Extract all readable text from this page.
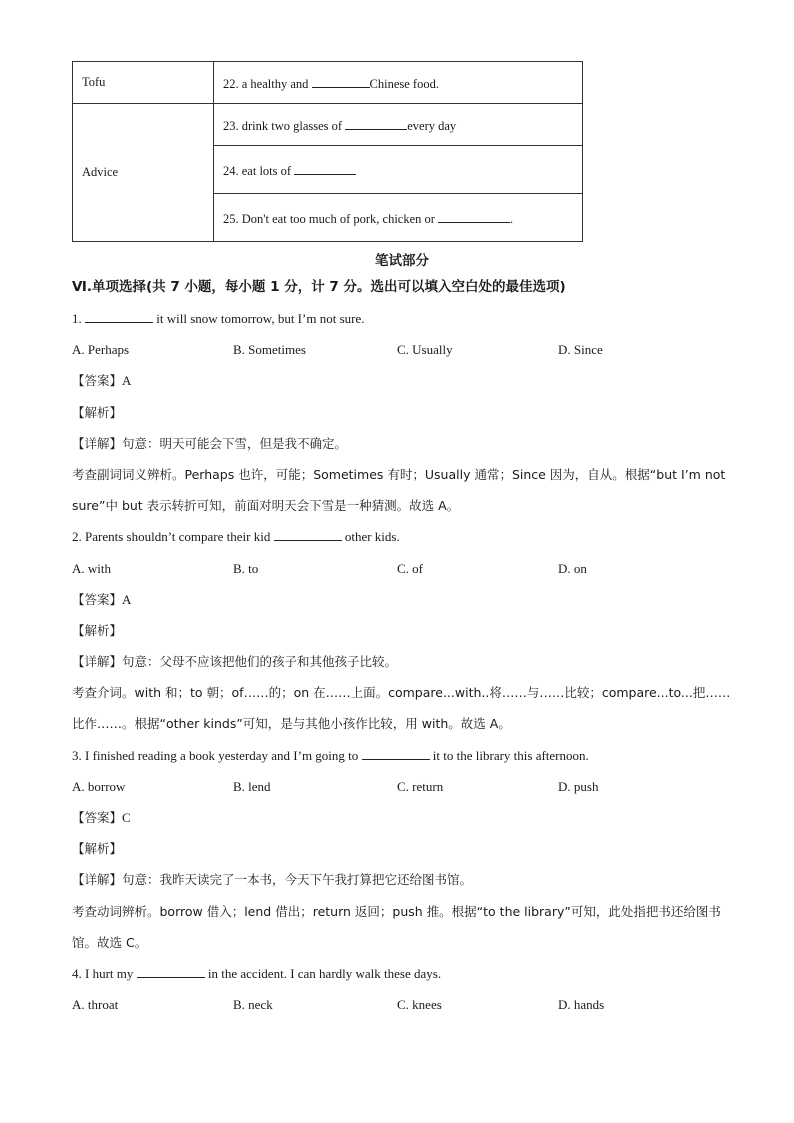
Tofu	22. a healthy and Chinese food.
Advice	23. drink two glasses of every day
	24. eat lots of
	25. Don't eat too much of pork, chicken or .
笔试部分
Ⅵ.单项选择(共 7 小题，每小题 1 分，计 7 分。选出可以填入空白处的最佳选项)
1.	it will snow tomorrow, but I’m not sure.
A. Perhaps	B. Sometimes	C. Usually	D. Since
【答案】A
【解析】
【详解】句意：明天可能会下雪，但是我不确定。
考查副词词义辨析。Perhaps 也许，可能；Sometimes 有时；Usually 通常；Since 因为，自从。根据“but I’m not sure”中 but 表示转折可知，前面对明天会下雪是一种猜测。故选 A。
2. Parents shouldn’t compare their kid	other kids.
A. with	B. to	C. of	D. on
【答案】A
【解析】
【详解】句意：父母不应该把他们的孩子和其他孩子比较。
考查介词。with 和；to 朝；of……的；on 在……上面。compare...with..将……与……比较；compare...to...把……比作……。根据“other kinds”可知，是与其他小孩作比较，用 with。故选 A。
3. I finished reading a book yesterday and I’m going to	it to the library this afternoon.
A. borrow	B. lend	C. return	D. push
【答案】C
【解析】
【详解】句意：我昨天读完了一本书，今天下午我打算把它还给图书馆。
考查动词辨析。borrow 借入；lend 借出；return 返回；push 推。根据“to the library”可知，此处指把书还给图书馆。故选 C。
4. I hurt my	in the accident. I can hardly walk these days.
A. throat	B. neck	C. knees	D. hands
